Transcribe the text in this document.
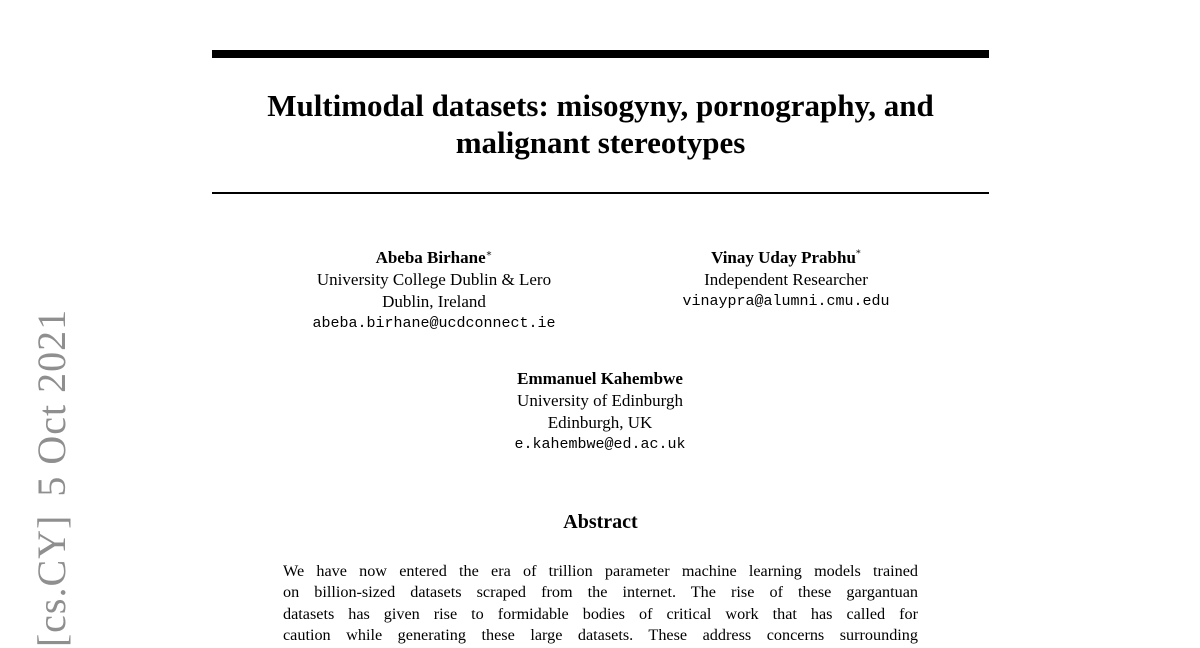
[cs.CY]5 Oct 2021
Multimodal datasets: misogyny, pornography, and
malignant stereotypes
Abeba Birhane∗
University College Dublin & Lero
Dublin, Ireland
abeba.birhane@ucdconnect.ie
Vinay Uday Prabhu*
Independent Researcher
vinaypra@alumni.cmu.edu
Emmanuel Kahembwe
University of Edinburgh
Edinburgh, UK
e.kahembwe@ed.ac.uk
Abstract
We have now entered the era of trillion parameter machine learning models trained
on billion-sized datasets scraped from the internet. The rise of these gargantuan
datasets has given rise to formidable bodies of critical work that has called for
caution while generating these large datasets. These address concerns surrounding
